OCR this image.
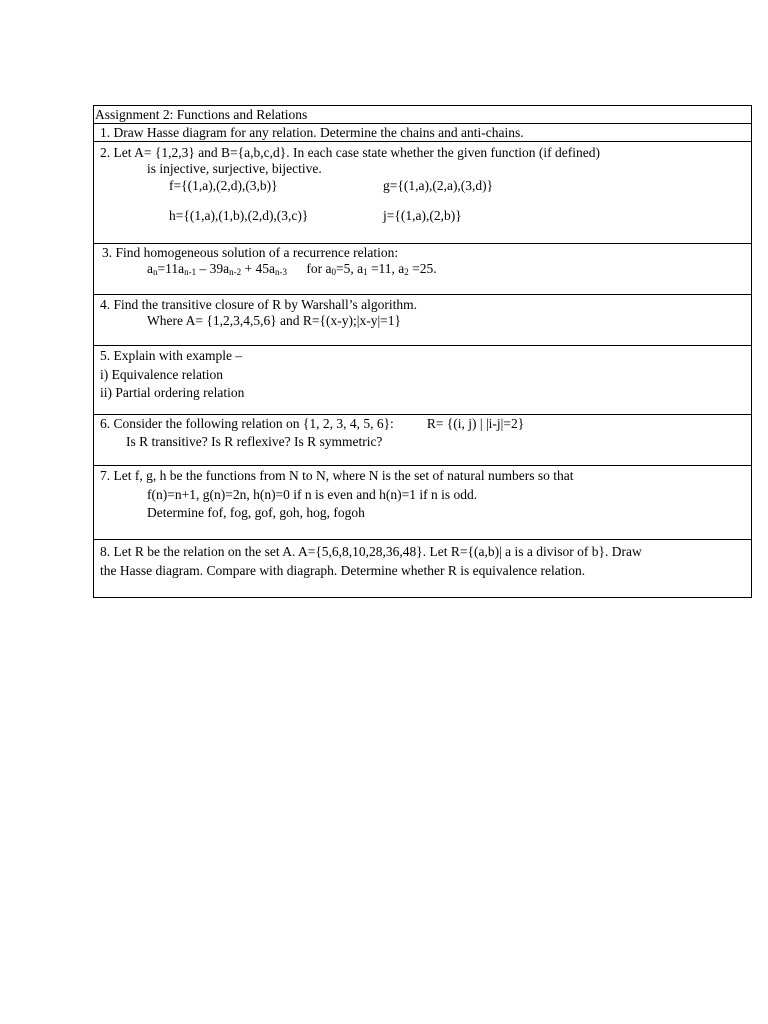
Assignment 2: Functions and Relations
1. Draw Hasse diagram for any relation. Determine the chains and anti-chains.
2. Let A= {1,2,3} and B={a,b,c,d}. In each case state whether the given function (if defined)
is injective, surjective, bijective.
f={(1,a),(2,d),(3,b)}	g={(1,a),(2,a),(3,d)}
h={(1,a),(1,b),(2,d),(3,c)}	j={(1,a),(2,b)}
3. Find homogeneous solution of a recurrence relation:
$a_n=11a_{n-1} - 39a_{n-2} + 45a_{n-3}$ for $a_0=5$, $a_1 =11$, $a_2 =25$.
4. Find the transitive closure of R by Warshall’s algorithm.
Where A= {1,2,3,4,5,6} and R={(x-y);|x-y|=1}
5. Explain with example –
i) Equivalence relation
ii) Partial ordering relation
6. Consider the following relation on {1, 2, 3, 4, 5, 6}: R= {(i, j) | |i-j|=2}
Is R transitive? Is R reflexive? Is R symmetric?
7. Let f, g, h be the functions from N to N, where N is the set of natural numbers so that
f(n)=n+1, g(n)=2n, h(n)=0 if n is even and h(n)=1 if n is odd.
Determine fof, fog, gof, goh, hog, fogoh
8. Let R be the relation on the set A. A={5,6,8,10,28,36,48}. Let R={(a,b)| a is a divisor of b}. Draw
the Hasse diagram. Compare with diagraph. Determine whether R is equivalence relation.
